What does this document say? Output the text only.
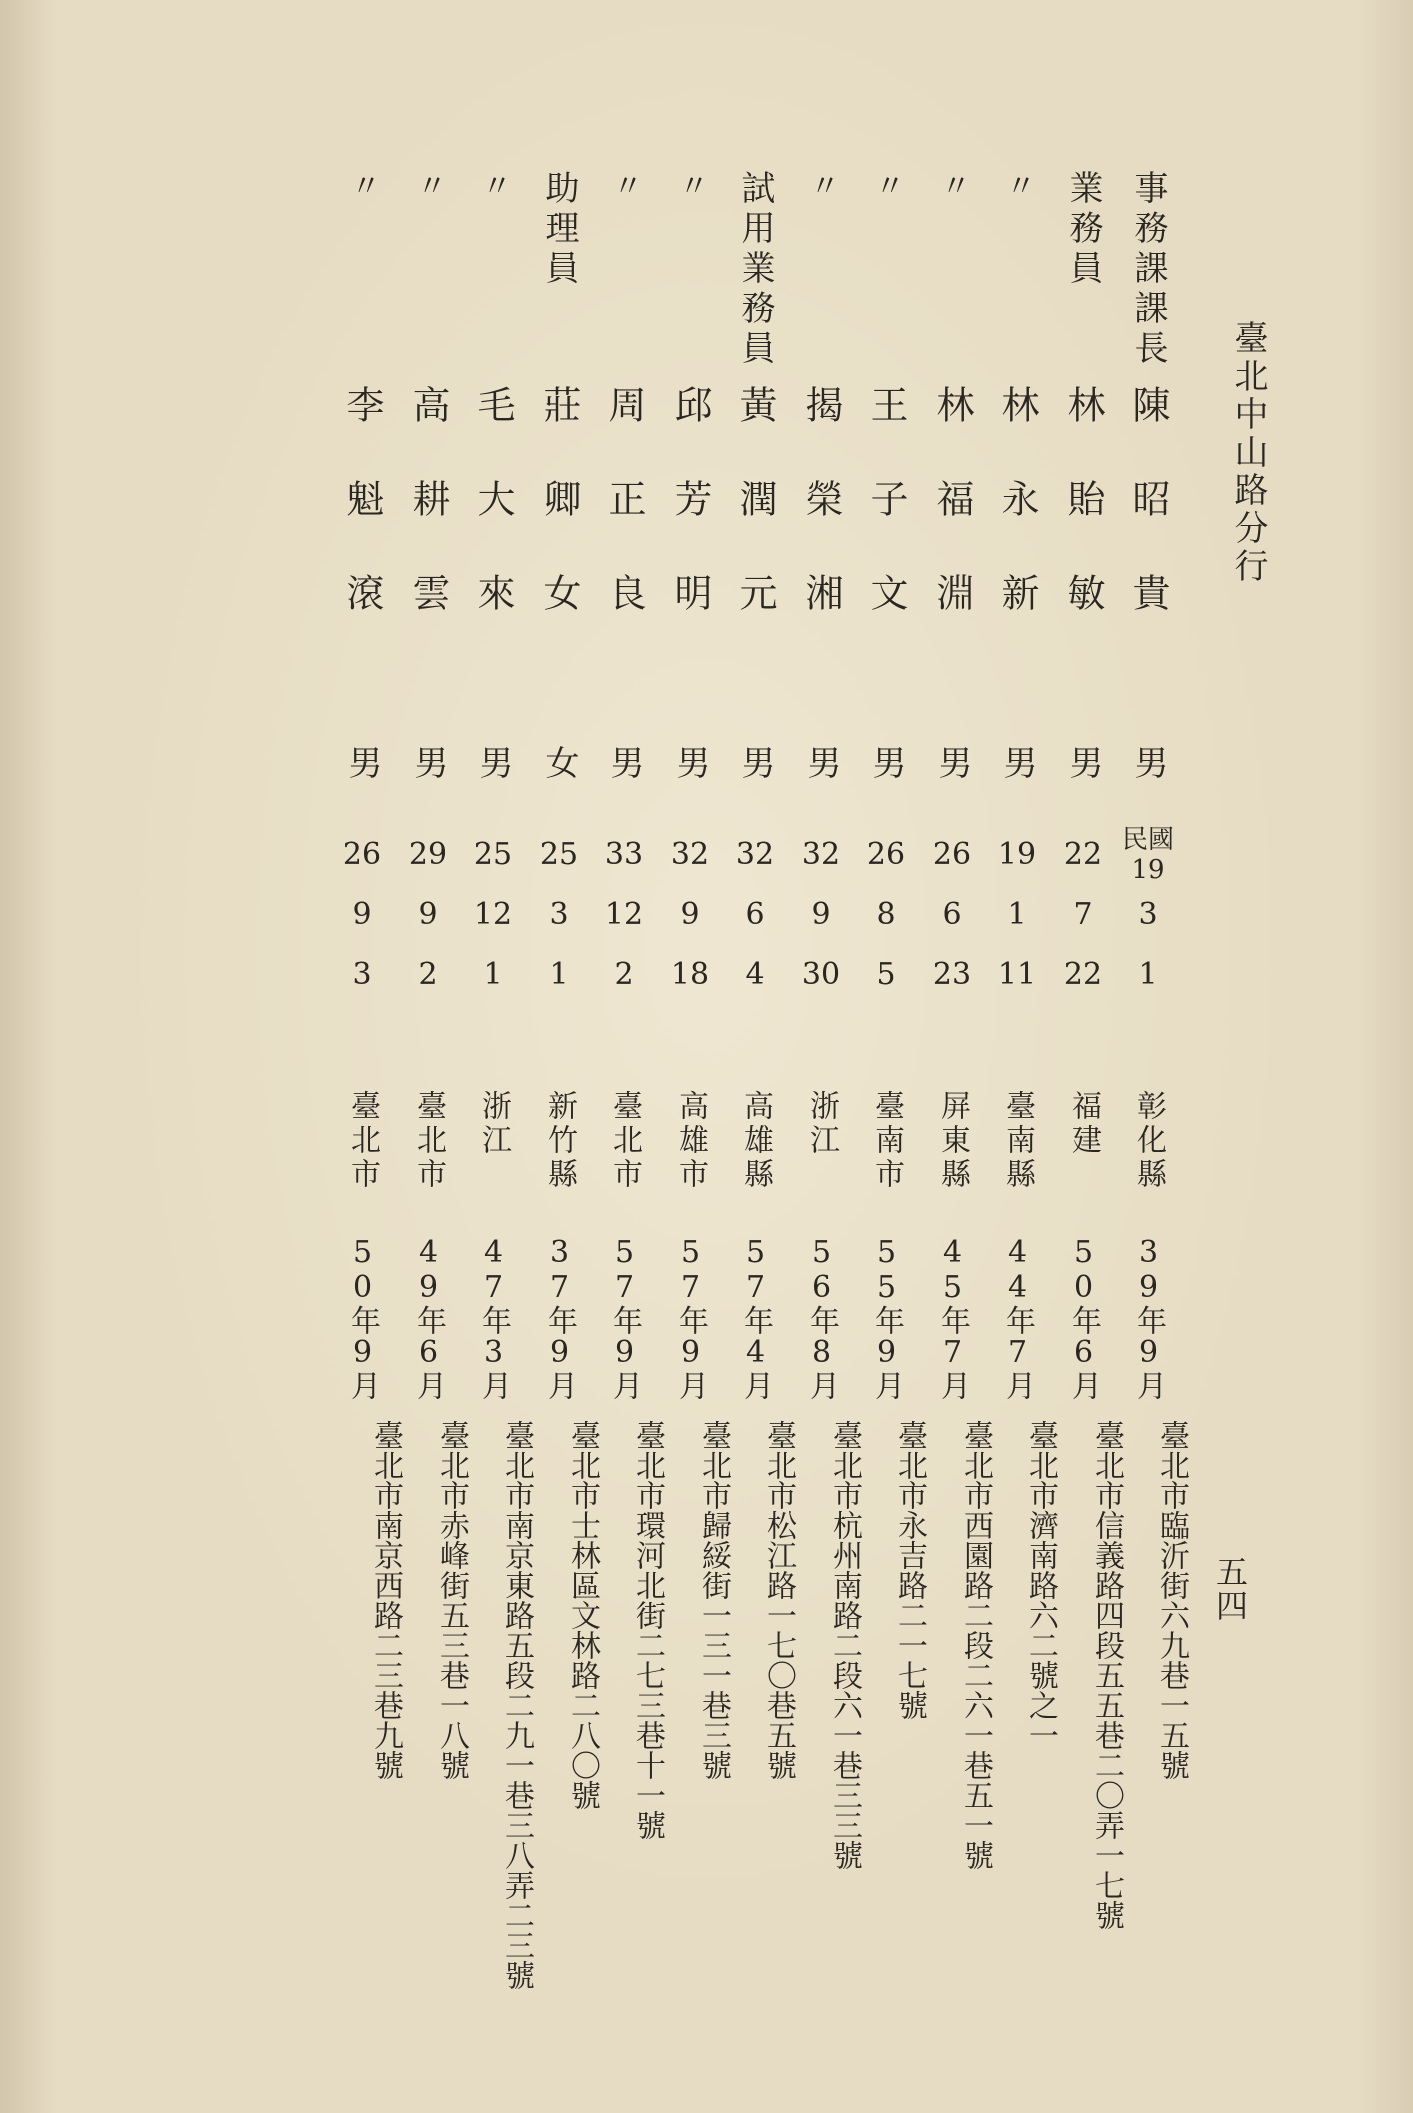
臺北中山路分行
五四
事務課課長
陳昭貴
男
民國19
3
1
彰化縣
39年9月
臺北市臨沂街六九巷一五號
業務員
林貽敏
男
22
7
22
福建
50年6月
臺北市信義路四段五五巷二〇弄一七號
〃
林永新
男
19
1
11
臺南縣
44年7月
臺北市濟南路六二號之一
〃
林福淵
男
26
6
23
屏東縣
45年7月
臺北市西園路二段二六一巷五一號
〃
王子文
男
26
8
5
臺南市
55年9月
臺北市永吉路二一七號
〃
揭榮湘
男
32
9
30
浙江
56年8月
臺北市杭州南路二段六一巷三三號
試用業務員
黃潤元
男
32
6
4
高雄縣
57年4月
臺北市松江路一七〇巷五號
〃
邱芳明
男
32
9
18
高雄市
57年9月
臺北市歸綏街一三一巷三號
〃
周正良
男
33
12
2
臺北市
57年9月
臺北市環河北街二七三巷十一號
助理員
莊卿女
女
25
3
1
新竹縣
37年9月
臺北市士林區文林路二八〇號
〃
毛大來
男
25
12
1
浙江
47年3月
臺北市南京東路五段二九一巷三八弄二三號
〃
高耕雲
男
29
9
2
臺北市
49年6月
臺北市赤峰街五三巷一八號
〃
李魁滾
男
26
9
3
臺北市
50年9月
臺北市南京西路二三巷九號
